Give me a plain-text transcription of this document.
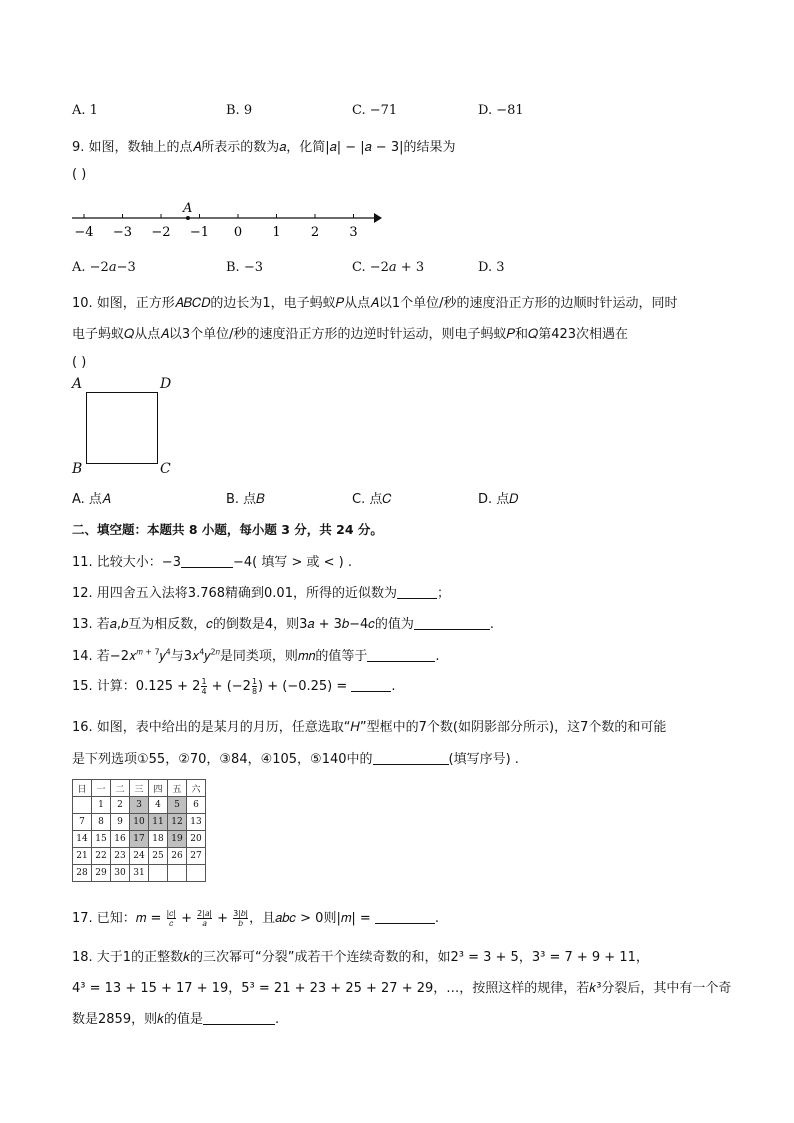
A. 1	B. 9	C. −71	D. −81
9. 如图，数轴上的点𝐴所表示的数为𝑎，化简|𝑎| − |𝑎 − 3|的结果为
( )
−4 −3 −2 −1 0 1 2 3
A
A. −2𝑎−3	B. −3	C. −2𝑎 + 3	D. 3
10. 如图，正方形𝐴𝐵𝐶𝐷的边长为1，电子蚂蚁𝑃从点𝐴以1个单位/秒的速度沿正方形的边顺时针运动，同时
电子蚂蚁𝑄从点𝐴以3个单位/秒的速度沿正方形的边逆时针运动，则电子蚂蚁𝑃和𝑄第423次相遇在
( )
A	D
B	C
A. 点𝐴	B. 点𝐵	C. 点𝐶	D. 点𝐷
二、填空题：本题共 8 小题，每小题 3 分，共 24 分。
11. 比较大小：−3	−4( 填写 > 或 < ) .
12. 用四舍五入法将3.768精确到0.01，所得的近似数为	；
13. 若𝑎,𝑏互为相反数，𝑐的倒数是4，则3𝑎 + 3𝑏−4𝑐的值为	.
14. 若−2𝑥$^{𝑚 + 7}$𝑦$^4$与3𝑥$^4$𝑦$^{2𝑛}$是同类项，则𝑚𝑛的值等于	.
15. 计算：$0.125 + 2 \frac{1}{4} + (-2 \frac{1}{8}$ ) + (−0.25) =	.
16. 如图，表中给出的是某月的月历，任意选取“𝐻”型框中的7个数(如阴影部分所示)，这7个数的和可能
是下列选项①55，②70，③84，④105，⑤140中的	(填写序号) .
日	一	二	三	四	五	六
	1	2	3	4	5	6
7	8	9	10	11	12	13
14	15	16	17	18	19	20
21	22	23	24	25	26	27
28	29	30	31			
17. 已知：𝑚 = $\frac{\text{|𝑐|}}{\text{𝑐}} + \frac{\text{2|𝑎|}}{\text{𝑎}} + \frac{\text{3|𝑏|}}{\text{𝑏}}$ ，且𝑎𝑏𝑐 > 0则|𝑚| =	.
18. 大于1的正整数𝑘的三次幂可“分裂”成若干个连续奇数的和，如2³ = 3 + 5，3³ = 7 + 9 + 11，
4³ = 13 + 15 + 17 + 19，5³ = 21 + 23 + 25 + 27 + 29，…，按照这样的规律，若𝑘³分裂后，其中有一个奇
数是2859，则𝑘的值是	.
